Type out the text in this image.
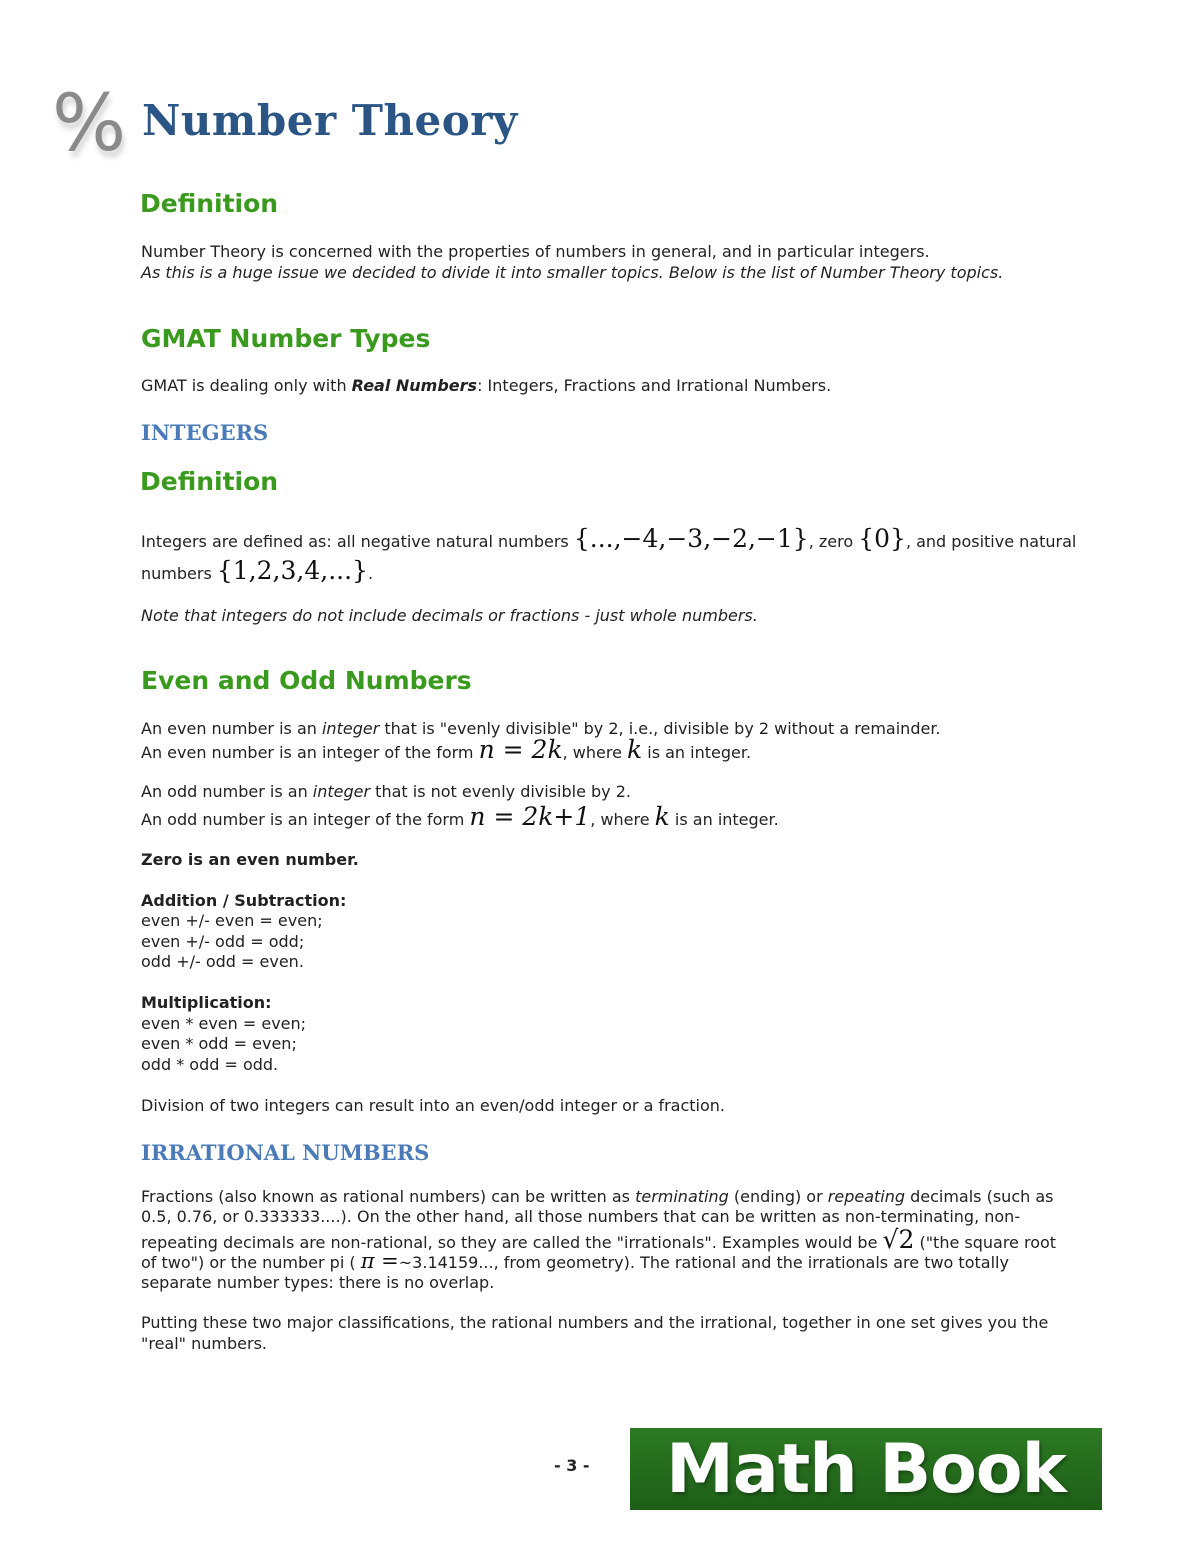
% Number Theory
Definition
Number Theory is concerned with the properties of numbers in general, and in particular integers.
As this is a huge issue we decided to divide it into smaller topics. Below is the list of Number Theory topics.
GMAT Number Types
GMAT is dealing only with Real Numbers: Integers, Fractions and Irrational Numbers.
INTEGERS
Definition
Integers are defined as: all negative natural numbers {...,−4,−3,−2,−1}, zero {0}, and positive natural
numbers {1,2,3,4,...}.
Note that integers do not include decimals or fractions - just whole numbers.
Even and Odd Numbers
An even number is an integer that is "evenly divisible" by 2, i.e., divisible by 2 without a remainder.
An even number is an integer of the form n = 2k, where k is an integer.
An odd number is an integer that is not evenly divisible by 2.
An odd number is an integer of the form n = 2k+1, where k is an integer.
Zero is an even number.
Addition / Subtraction:
even +/- even = even;
even +/- odd = odd;
odd +/- odd = even.
Multiplication:
even * even = even;
even * odd = even;
odd * odd = odd.
Division of two integers can result into an even/odd integer or a fraction.
IRRATIONAL NUMBERS
Fractions (also known as rational numbers) can be written as terminating (ending) or repeating decimals (such as
0.5, 0.76, or 0.333333....). On the other hand, all those numbers that can be written as non-terminating, non-
repeating decimals are non-rational, so they are called the "irrationals". Examples would be √2 ("the square root
of two") or the number pi ( π =~3.14159..., from geometry). The rational and the irrationals are two totally
separate number types: there is no overlap.
Putting these two major classifications, the rational numbers and the irrational, together in one set gives you the
"real" numbers.
- 3 - Math Book
